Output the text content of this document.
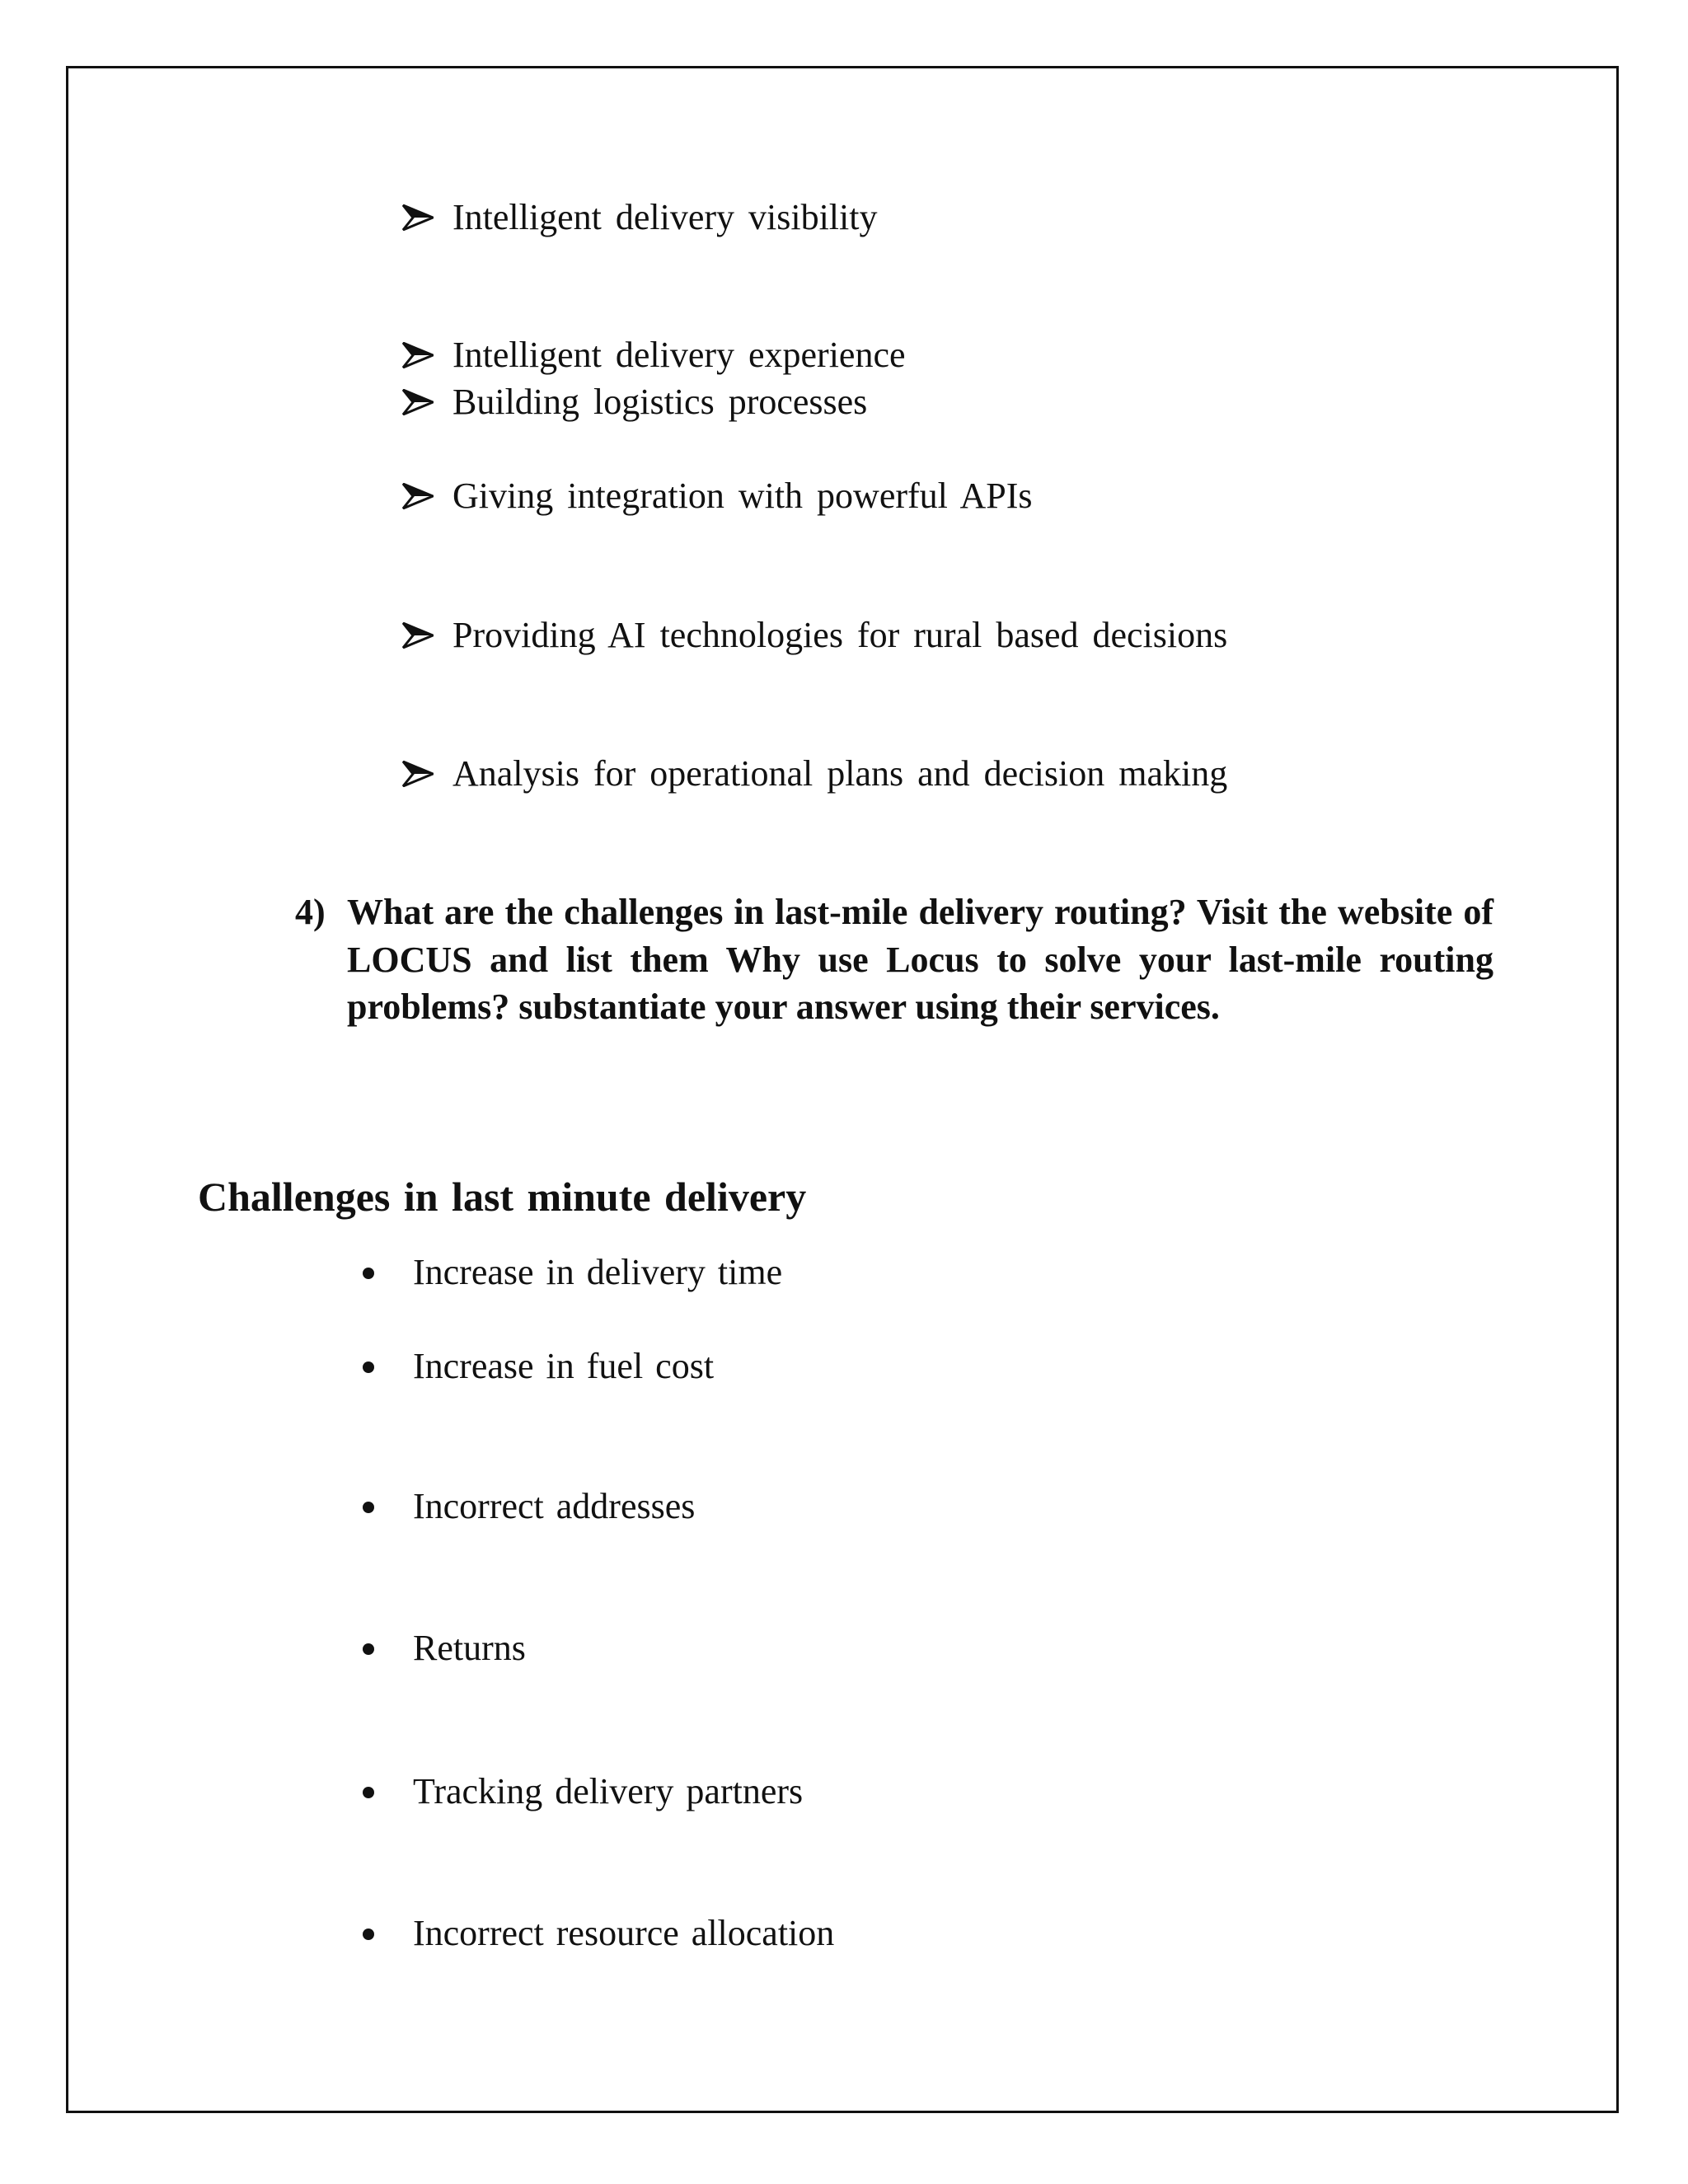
Intelligent delivery visibility
Intelligent delivery experience
Building logistics processes
Giving integration with powerful APIs
Providing AI technologies for rural based decisions
Analysis for operational plans and decision making
4) What are the challenges in last-mile delivery routing? Visit the website of LOCUS and list them Why use Locus to solve your last-mile routing problems? substantiate your answer using their services.
Challenges in last minute delivery
Increase in delivery time
Increase in fuel cost
Incorrect addresses
Returns
Tracking delivery partners
Incorrect resource allocation
